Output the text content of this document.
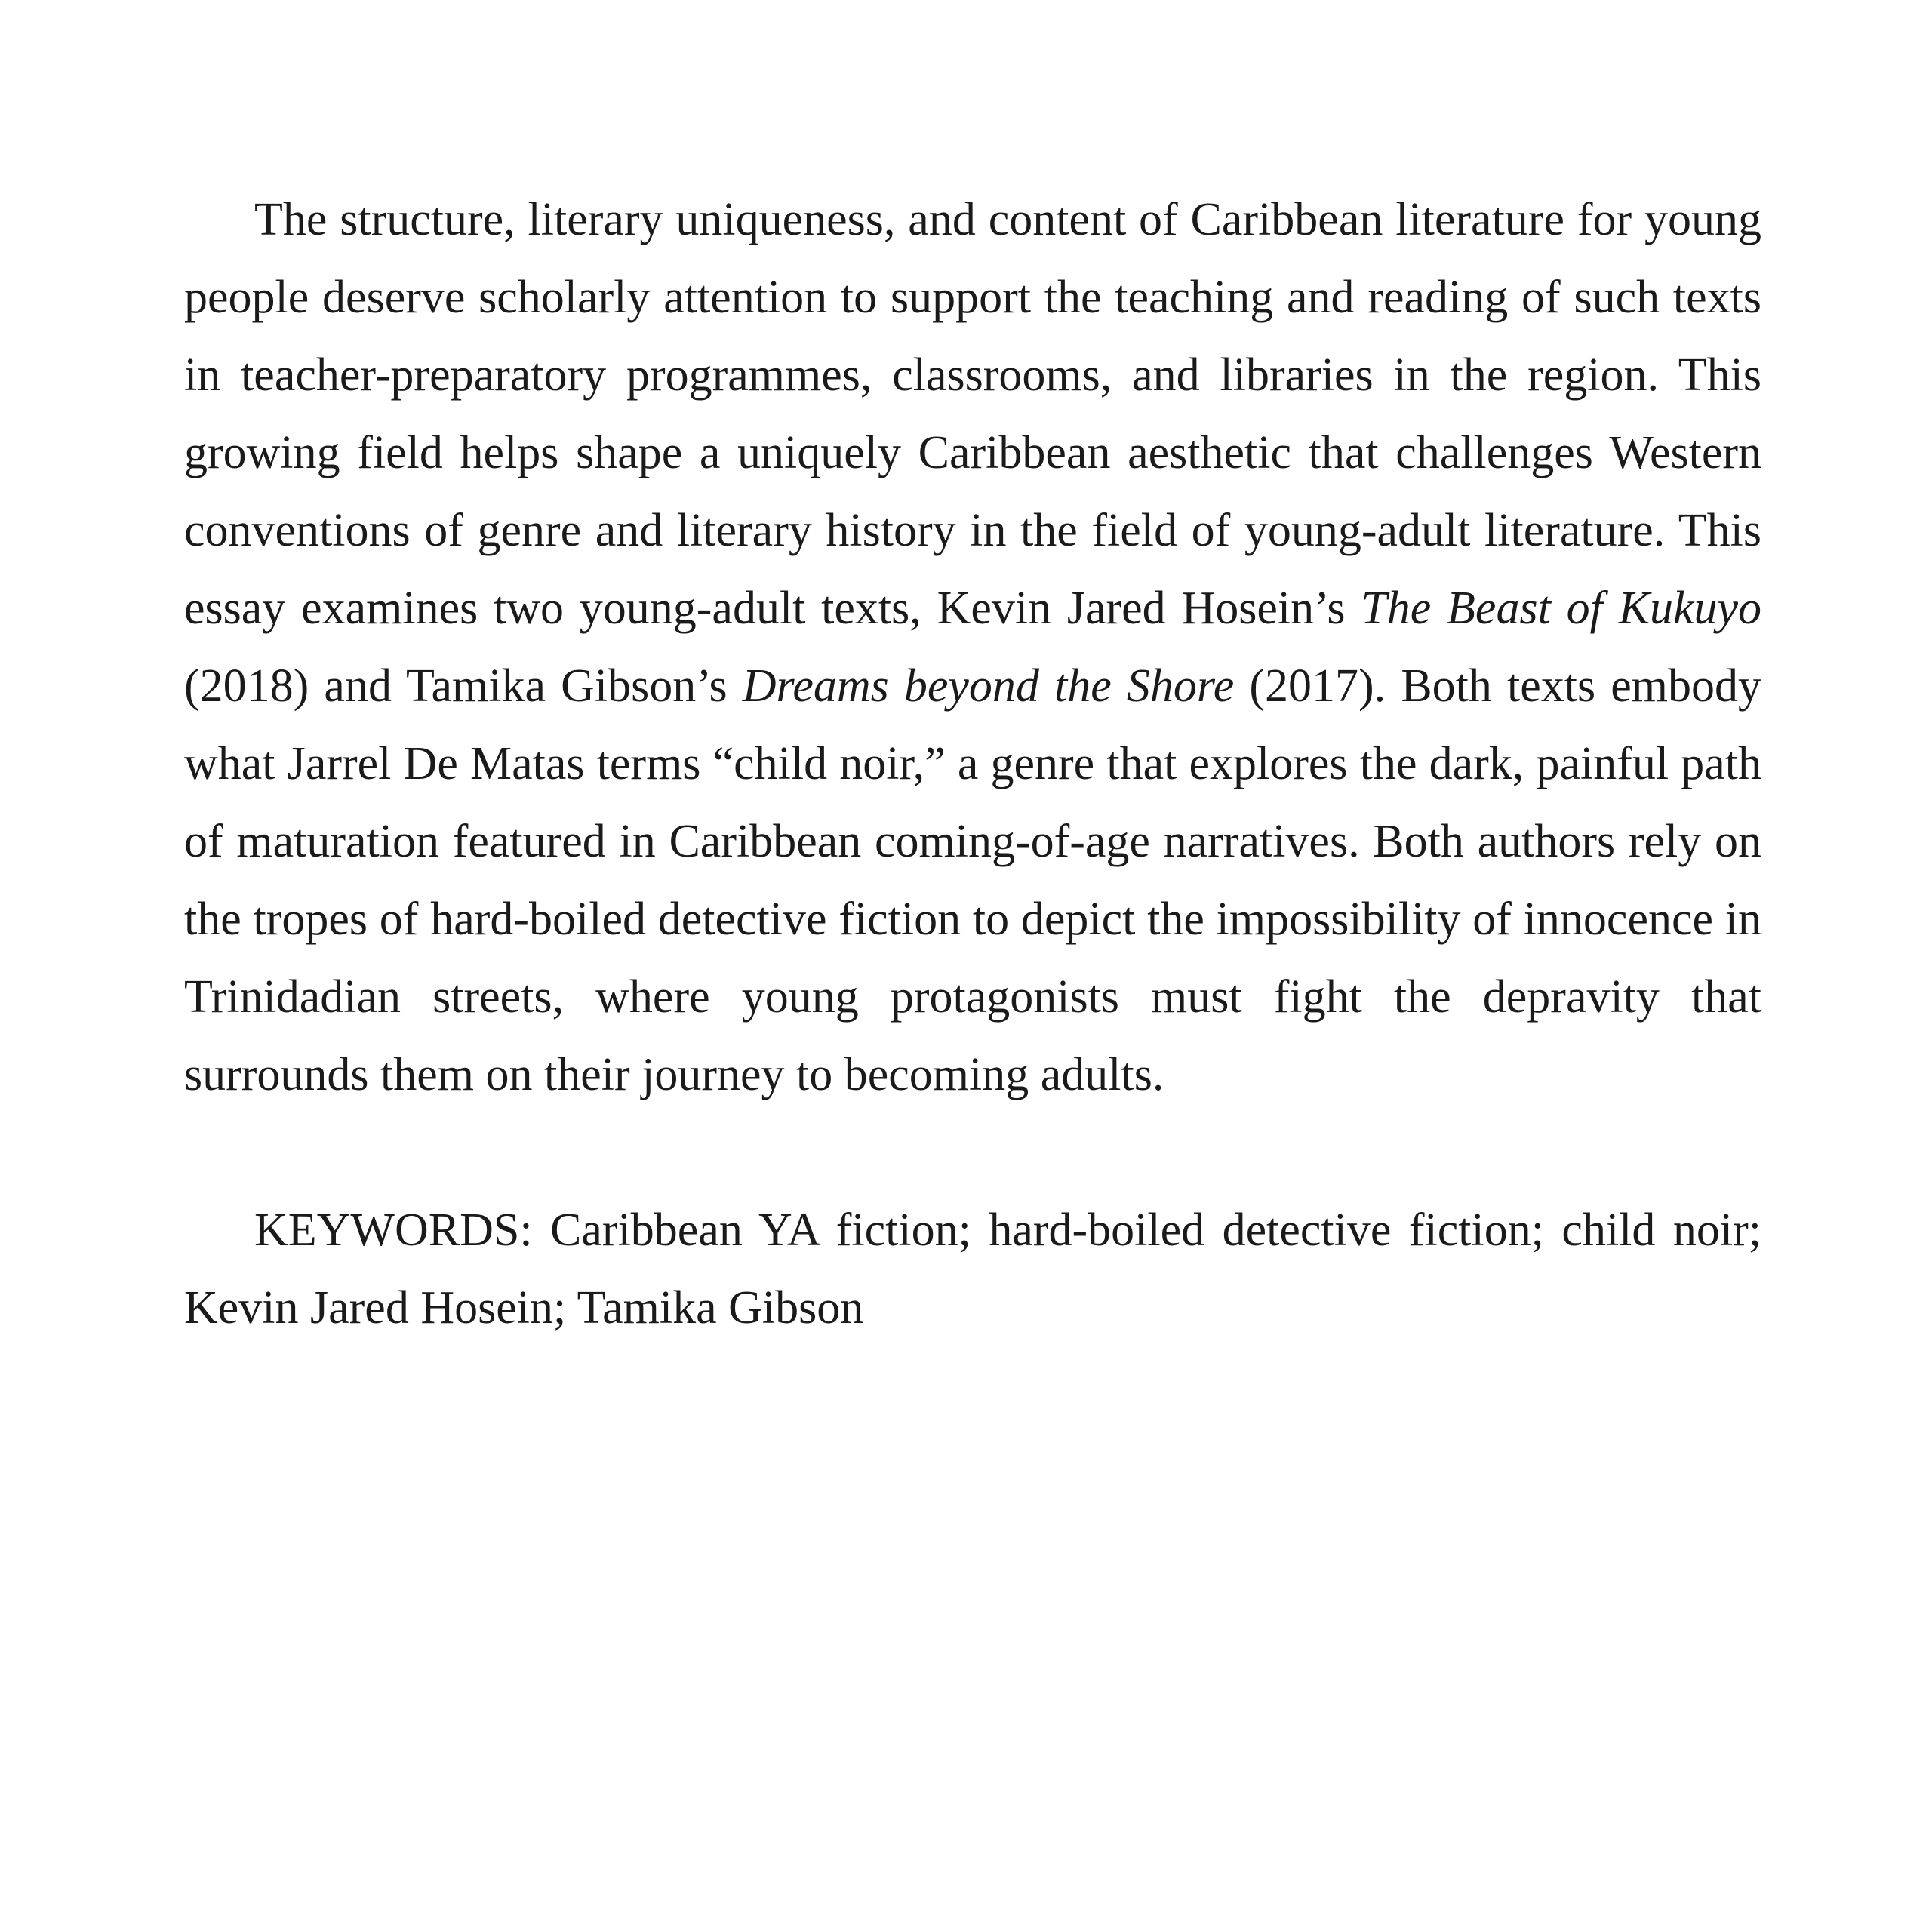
The structure, literary uniqueness, and content of Caribbean literature for young people deserve scholarly attention to support the teaching and reading of such texts in teacher-preparatory programmes, classrooms, and libraries in the region. This growing field helps shape a uniquely Caribbean aesthetic that challenges Western conventions of genre and literary history in the field of young-adult literature. This essay examines two young-adult texts, Kevin Jared Hosein’s The Beast of Kukuyo (2018) and Tamika Gibson’s Dreams beyond the Shore (2017). Both texts embody what Jarrel De Matas terms “child noir,” a genre that explores the dark, painful path of maturation featured in Caribbean coming-of-age narratives. Both authors rely on the tropes of hard-boiled detective fiction to depict the impossibility of innocence in Trinidadian streets, where young protagonists must fight the depravity that surrounds them on their journey to becoming adults.

KEYWORDS: Caribbean YA fiction; hard-boiled detective fiction; child noir; Kevin Jared Hosein; Tamika Gibson
